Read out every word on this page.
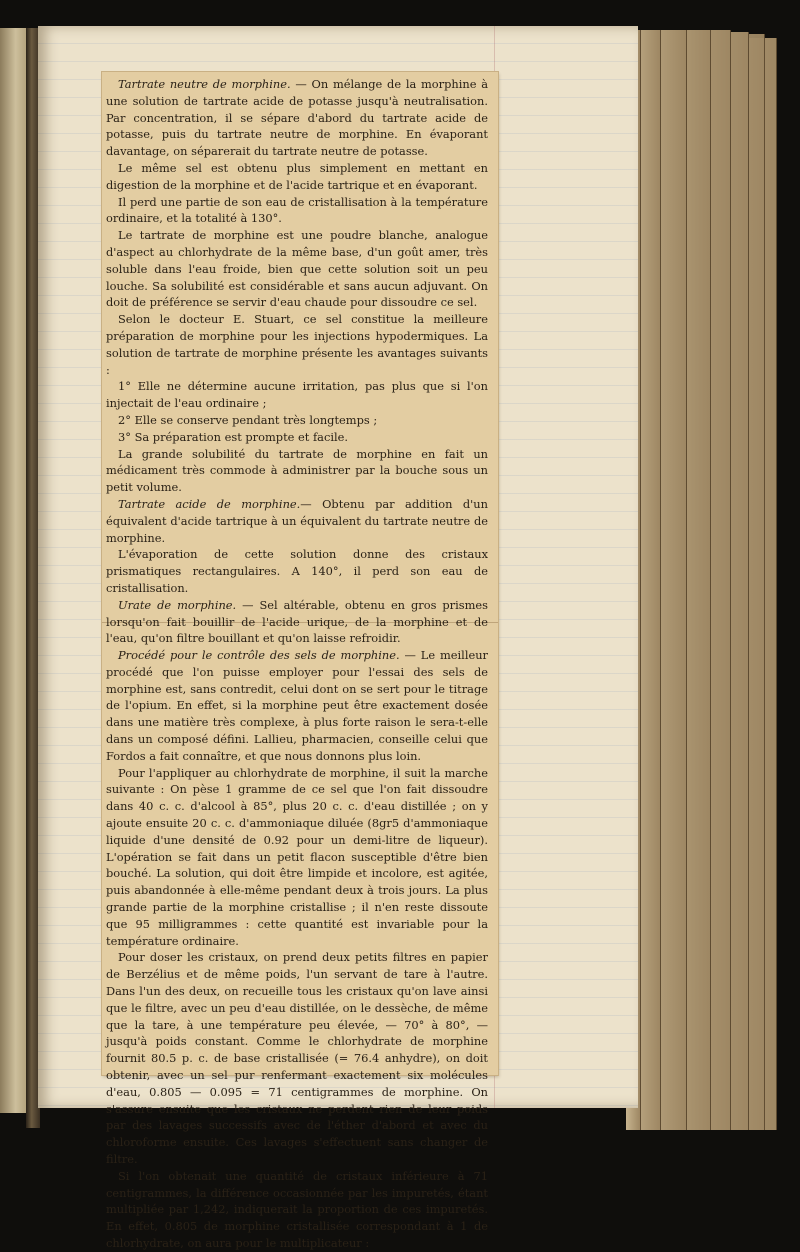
Tartrate neutre de morphine. — On mélange de la morphine à une solution de tartrate acide de potasse jusqu'à neutralisation. Par concentration, il se sépare d'abord du tartrate acide de potasse, puis du tartrate neutre de morphine. En évaporant davantage, on séparerait du tartrate neutre de potasse.

Le même sel est obtenu plus simplement en mettant en digestion de la morphine et de l'acide tartrique et en évaporant.

Il perd une partie de son eau de cristallisation à la température ordinaire, et la totalité à 130°.

Le tartrate de morphine est une poudre blanche, analogue d'aspect au chlorhydrate de la même base, d'un goût amer, très soluble dans l'eau froide, bien que cette solution soit un peu louche. Sa solubilité est considérable et sans aucun adjuvant. On doit de préférence se servir d'eau chaude pour dissoudre ce sel.

Selon le docteur E. Stuart, ce sel constitue la meilleure préparation de morphine pour les injections hypodermiques. La solution de tartrate de morphine présente les avantages suivants :

1° Elle ne détermine aucune irritation, pas plus que si l'on injectait de l'eau ordinaire ;

2° Elle se conserve pendant très longtemps ;

3° Sa préparation est prompte et facile.

La grande solubilité du tartrate de morphine en fait un médicament très commode à administrer par la bouche sous un petit volume.

Tartrate acide de morphine.— Obtenu par addition d'un équivalent d'acide tartrique à un équivalent du tartrate neutre de morphine.

L'évaporation de cette solution donne des cristaux prismatiques rectangulaires. A 140°, il perd son eau de cristallisation.

Urate de morphine. — Sel altérable, obtenu en gros prismes lorsqu'on fait bouillir de l'acide urique, de la morphine et de l'eau, qu'on filtre bouillant et qu'on laisse refroidir.

Procédé pour le contrôle des sels de morphine. — Le meilleur procédé que l'on puisse employer pour l'essai des sels de morphine est, sans contredit, celui dont on se sert pour le titrage de l'opium. En effet, si la morphine peut être exactement dosée dans une matière très complexe, à plus forte raison le sera-t-elle dans un composé défini. Lallieu, pharmacien, conseille celui que Fordos a fait connaître, et que nous donnons plus loin.

Pour l'appliquer au chlorhydrate de morphine, il suit la marche suivante : On pèse 1 gramme de ce sel que l'on fait dissoudre dans 40 c. c. d'alcool à 85°, plus 20 c. c. d'eau distillée ; on y ajoute ensuite 20 c. c. d'ammoniaque diluée (8gr5 d'ammoniaque liquide d'une densité de 0.92 pour un demi-litre de liqueur). L'opération se fait dans un petit flacon susceptible d'être bien bouché. La solution, qui doit être limpide et incolore, est agitée, puis abandonnée à elle-même pendant deux à trois jours. La plus grande partie de la morphine cristallise ; il n'en reste dissoute que 95 milligrammes : cette quantité est invariable pour la température ordinaire.

Pour doser les cristaux, on prend deux petits filtres en papier de Berzélius et de même poids, l'un servant de tare à l'autre. Dans l'un des deux, on recueille tous les cristaux qu'on lave ainsi que le filtre, avec un peu d'eau distillée, on le dessèche, de même que la tare, à une température peu élevée, — 70° à 80°, — jusqu'à poids constant. Comme le chlorhydrate de morphine fournit 80.5 p. c. de base cristallisée (= 76.4 anhydre), on doit obtenir, avec un sel pur renfermant exactement six molécules d'eau, 0.805 — 0.095 = 71 centigrammes de morphine. On s'assure ensuite que les cristaux ne perdent rien de leur poids par des lavages successifs avec de l'éther d'abord et avec du chloroforme ensuite. Ces lavages s'effectuent sans changer de filtre.

Si l'on obtenait une quantité de cristaux inférieure à 71 centigrammes, la différence occasionnée par les impuretés, étant multipliée par 1,242, indiquerait la proportion de ces impuretés. En effet, 0.805 de morphine cristallisée correspondant à 1 de chlorhydrate, on aura pour le multiplicateur :
